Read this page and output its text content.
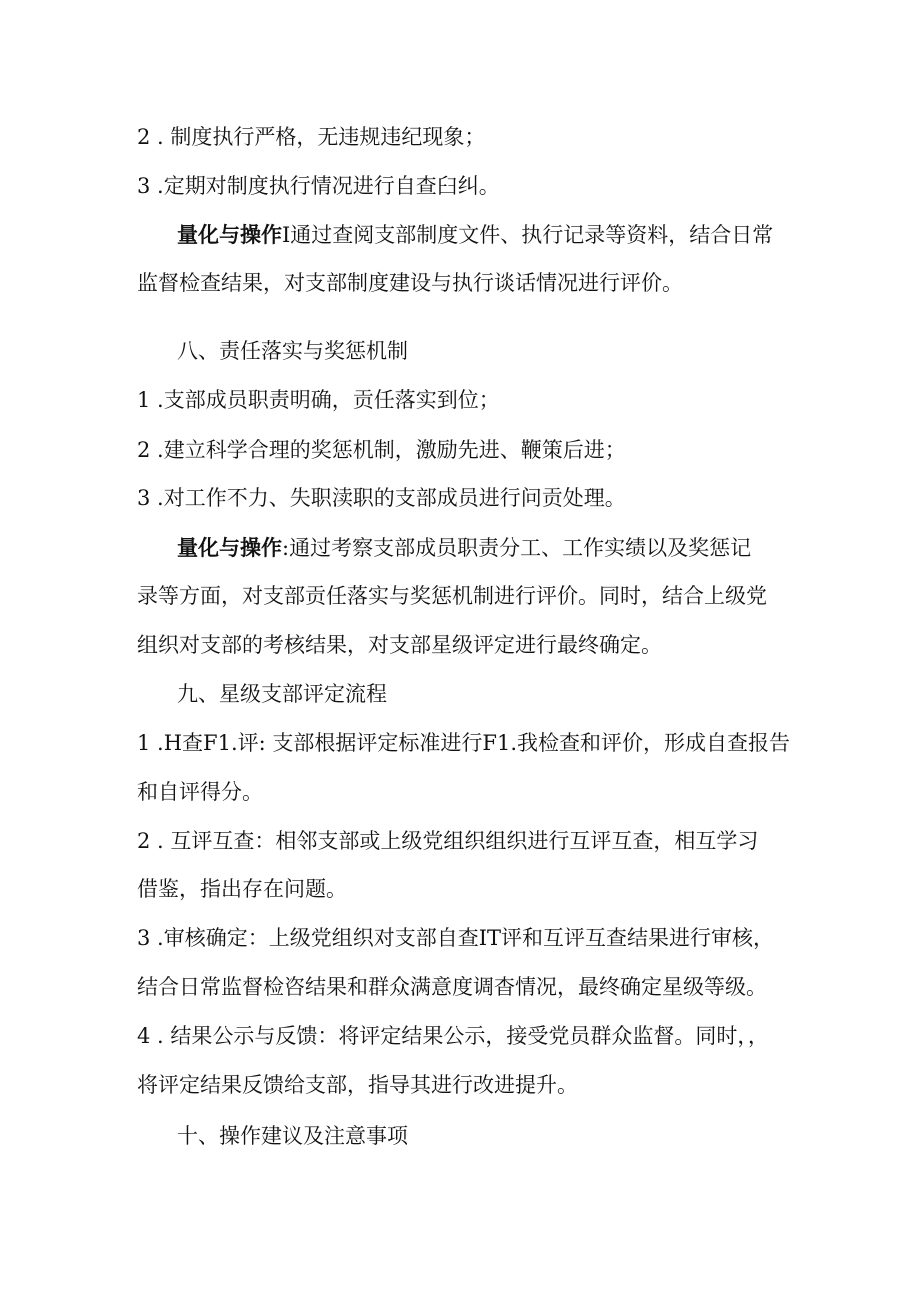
2 . 制度执行严格，无违规违纪现象；
3 .定期对制度执行情况进行自查臼纠。
量化与操作I通过查阅支部制度文件、执行记录等资料，结合日常
监督检查结果，对支部制度建设与执行谈话情况进行评价。
八、责任落实与奖惩机制
1 .支部成员职责明确，贡任落实到位；
2 .建立科学合理的奖惩机制，激励先进、鞭策后进；
3 .对工作不力、失职渎职的支部成员进行问贡处理。
量化与操作:通过考察支部成员职责分工、工作实绩以及奖惩记
录等方面，对支部贡任落实与奖惩机制进行评价。同时，结合上级党
组织对支部的考核结果，对支部星级评定进行最终确定。
九、星级支部评定流程
1 .H查F1.评: 支部根据评定标准进行F1.我检查和评价，形成自查报告
和自评得分。
2 . 互评互查：相邻支部或上级党组织组织进行互评互查，相互学习
借鉴，指出存在问题。
3 .审核确定：上级党组织对支部自查IT评和互评互查结果进行审核，
结合日常监督检咨结果和群众满意度调杳情况，最终确定星级等级。
4 . 结果公示与反馈：将评定结果公示，接受党员群众监督。同时，，
将评定结果反馈给支部，指导其进行改进提升。
十、操作建议及注意事项
